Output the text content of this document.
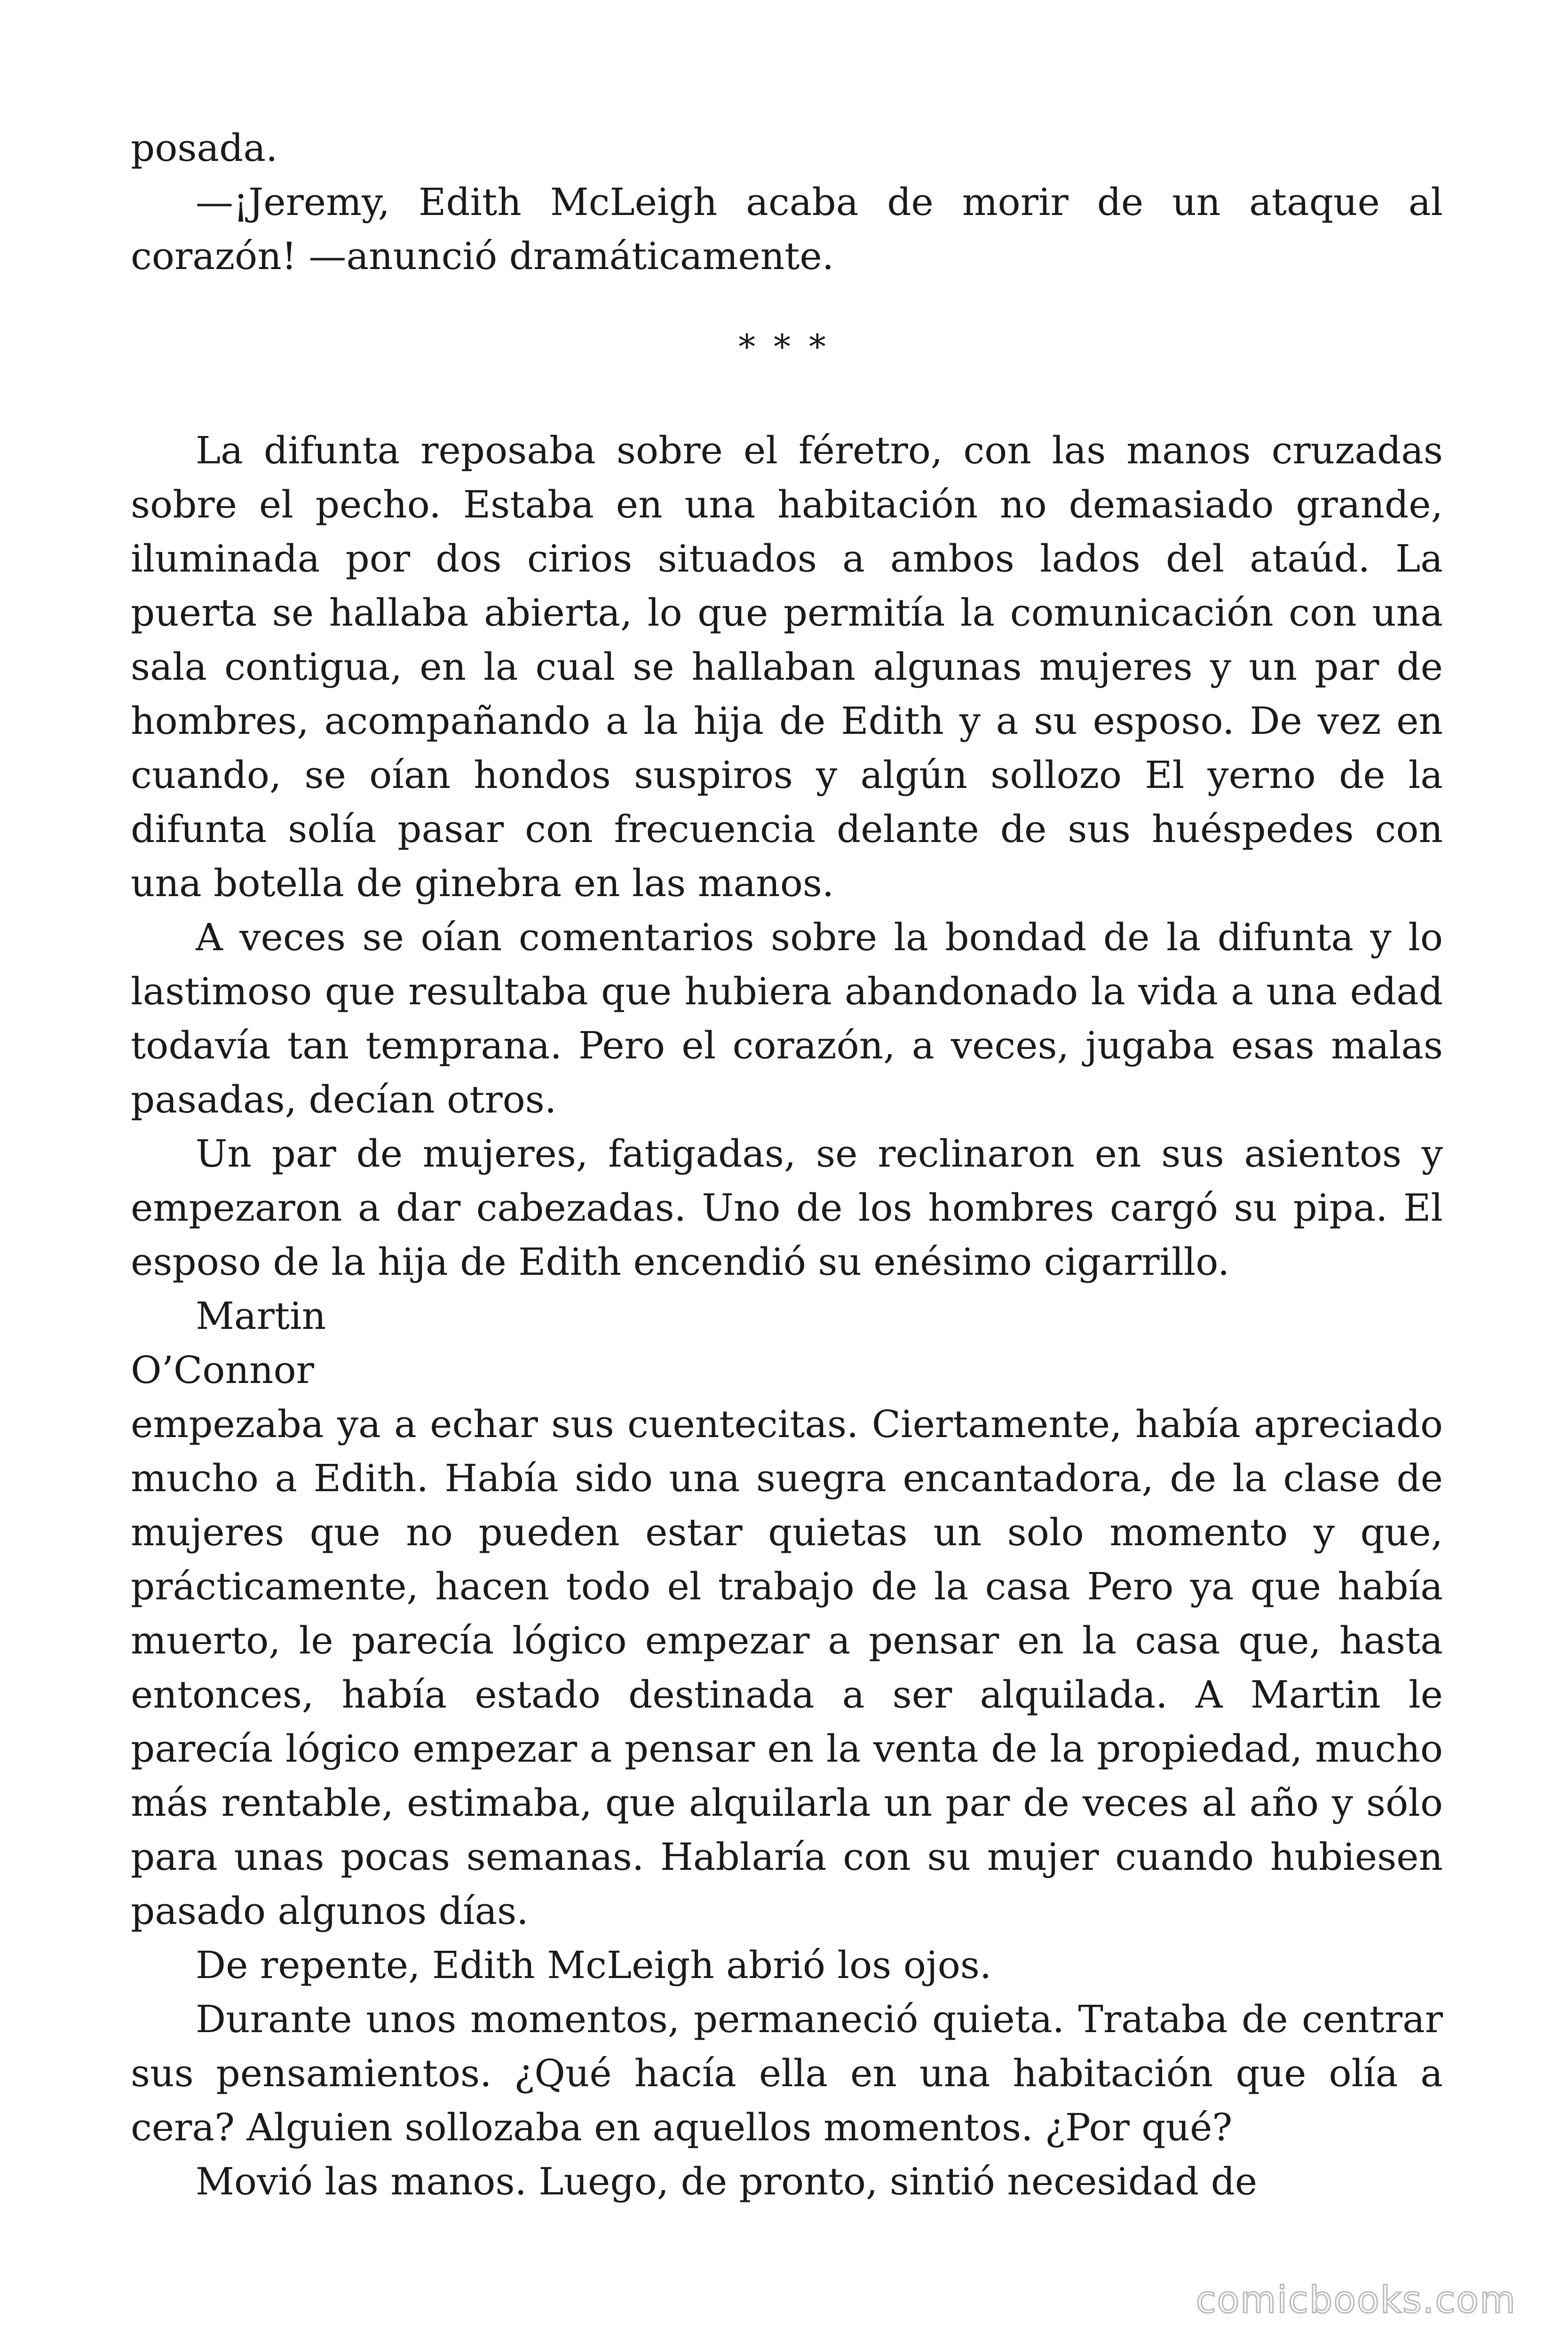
posada.

—¡Jeremy, Edith McLeigh acaba de morir de un ataque al corazón! —anunció dramáticamente.

* * *

La difunta reposaba sobre el féretro, con las manos cruzadas sobre el pecho. Estaba en una habitación no demasiado grande, iluminada por dos cirios situados a ambos lados del ataúd. La puerta se hallaba abierta, lo que permitía la comunicación con una sala contigua, en la cual se hallaban algunas mujeres y un par de hombres, acompañando a la hija de Edith y a su esposo. De vez en cuando, se oían hondos suspiros y algún sollozo El yerno de la difunta solía pasar con frecuencia delante de sus huéspedes con una botella de ginebra en las manos.

A veces se oían comentarios sobre la bondad de la difunta y lo lastimoso que resultaba que hubiera abandonado la vida a una edad todavía tan temprana. Pero el corazón, a veces, jugaba esas malas pasadas, decían otros.

Un par de mujeres, fatigadas, se reclinaron en sus asientos y empezaron a dar cabezadas. Uno de los hombres cargó su pipa. El esposo de la hija de Edith encendió su enésimo cigarrillo.

Martin

O’Connor

empezaba ya a echar sus cuentecitas. Ciertamente, había apreciado mucho a Edith. Había sido una suegra encantadora, de la clase de mujeres que no pueden estar quietas un solo momento y que, prácticamente, hacen todo el trabajo de la casa Pero ya que había muerto, le parecía lógico empezar a pensar en la casa que, hasta entonces, había estado destinada a ser alquilada. A Martin le parecía lógico empezar a pensar en la venta de la propiedad, mucho más rentable, estimaba, que alquilarla un par de veces al año y sólo para unas pocas semanas. Hablaría con su mujer cuando hubiesen pasado algunos días.

De repente, Edith McLeigh abrió los ojos.

Durante unos momentos, permaneció quieta. Trataba de centrar sus pensamientos. ¿Qué hacía ella en una habitación que olía a cera? Alguien sollozaba en aquellos momentos. ¿Por qué?

Movió las manos. Luego, de pronto, sintió necesidad de

comicbooks.com
